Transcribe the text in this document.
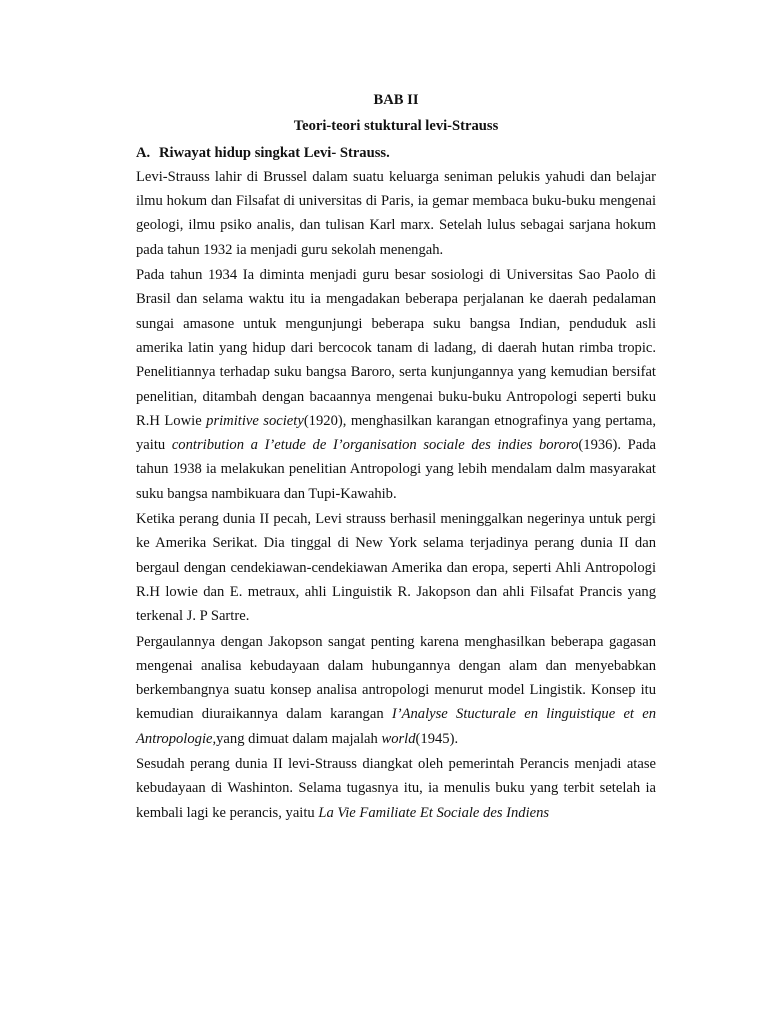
BAB II
Teori-teori stuktural levi-Strauss
A. Riwayat hidup singkat Levi- Strauss.

Levi-Strauss lahir di Brussel dalam suatu keluarga seniman pelukis yahudi dan belajar ilmu hokum dan Filsafat di universitas di Paris, ia gemar membaca buku-buku mengenai geologi, ilmu psiko analis, dan tulisan Karl marx. Setelah lulus sebagai sarjana hokum pada tahun 1932 ia menjadi guru sekolah menengah.

Pada tahun 1934 Ia diminta menjadi guru besar sosiologi di Universitas Sao Paolo di Brasil dan selama waktu itu ia mengadakan beberapa perjalanan ke daerah pedalaman sungai amasone untuk mengunjungi beberapa suku bangsa Indian, penduduk asli amerika latin yang hidup dari bercocok tanam di ladang, di daerah hutan rimba tropic. Penelitiannya terhadap suku bangsa Baroro, serta kunjungannya yang kemudian bersifat penelitian, ditambah dengan bacaannya mengenai buku-buku Antropologi seperti buku R.H Lowie primitive society(1920), menghasilkan karangan etnografinya yang pertama, yaitu contribution a I’etude de I’organisation sociale des indies bororo(1936). Pada tahun 1938 ia melakukan penelitian Antropologi yang lebih mendalam dalm masyarakat suku bangsa nambikuara dan Tupi-Kawahib.

Ketika perang dunia II pecah, Levi strauss berhasil meninggalkan negerinya untuk pergi ke Amerika Serikat. Dia tinggal di New York selama terjadinya perang dunia II dan bergaul dengan cendekiawan-cendekiawan Amerika dan eropa, seperti Ahli Antropologi R.H lowie dan E. metraux, ahli Linguistik R. Jakopson dan ahli Filsafat Prancis yang terkenal J. P Sartre.

Pergaulannya dengan Jakopson sangat penting karena menghasilkan beberapa gagasan mengenai analisa kebudayaan dalam hubungannya dengan alam dan menyebabkan berkembangnya suatu konsep analisa antropologi menurut model Lingistik. Konsep itu kemudian diuraikannya dalam karangan I’Analyse Stucturale en linguistique et en Antropologie,yang dimuat dalam majalah world(1945).

Sesudah perang dunia II levi-Strauss diangkat oleh pemerintah Perancis menjadi atase kebudayaan di Washinton. Selama tugasnya itu, ia menulis buku yang terbit setelah ia kembali lagi ke perancis, yaitu La Vie Familiate Et Sociale des Indiens
